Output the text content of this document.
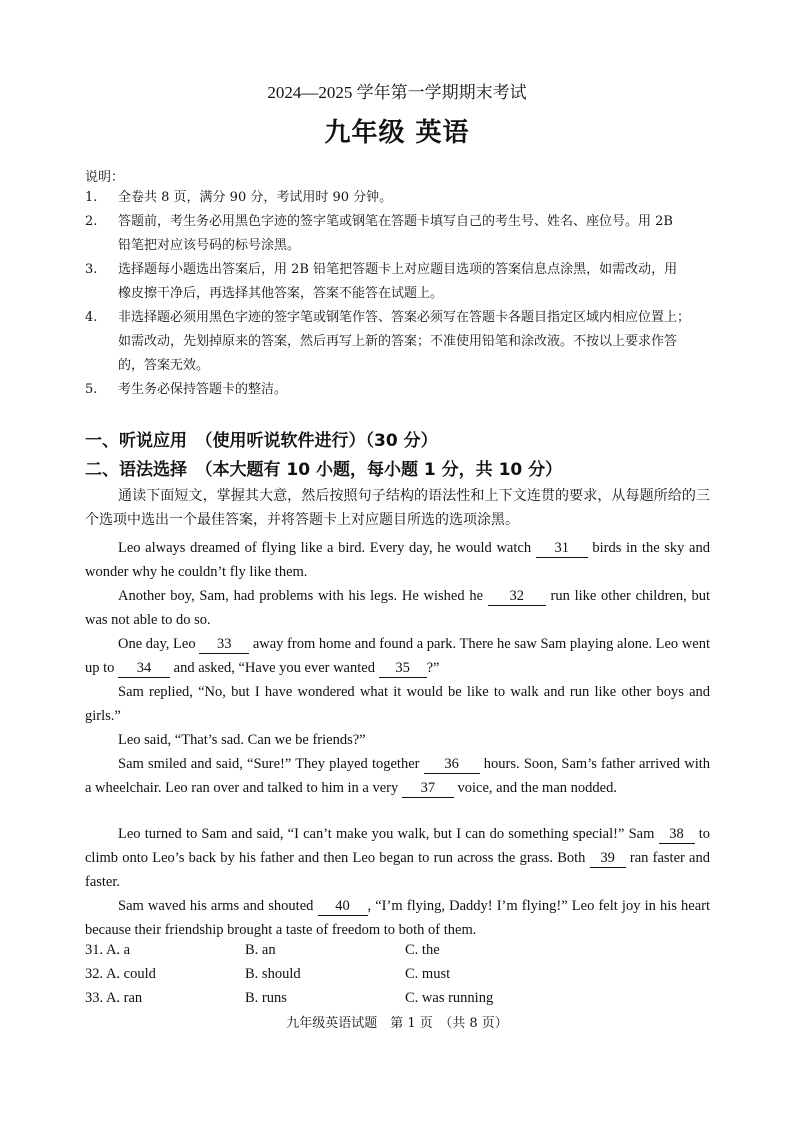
2024—2025 学年第一学期期末考试
九年级 英语
说明：
1.	全卷共 8 页，满分 90 分，考试用时 90 分钟。
2.	答题前，考生务必用黑色字迹的签字笔或钢笔在答题卡填写自己的考生号、姓名、座位号。用 2B
铅笔把对应该号码的标号涂黑。
3.	选择题每小题选出答案后，用 2B 铅笔把答题卡上对应题目选项的答案信息点涂黑，如需改动，用
橡皮擦干净后，再选择其他答案，答案不能答在试题上。
4.	非选择题必须用黑色字迹的签字笔或钢笔作答、答案必须写在答题卡各题目指定区域内相应位置上；
如需改动，先划掉原来的答案，然后再写上新的答案；不准使用铅笔和涂改液。不按以上要求作答
的，答案无效。
5.	考生务必保持答题卡的整洁。
一、听说应用　（使用听说软件进行）（30 分）
二、语法选择　（本大题有 10 小题，每小题 1 分，共 10 分）
通读下面短文，掌握其大意，然后按照句子结构的语法性和上下文连贯的要求，从每题所给的三个选项中选出一个最佳答案，并将答题卡上对应题目所选的选项涂黑。
Leo always dreamed of flying like a bird. Every day, he would watch 31 birds in the sky and wonder why he couldn’t fly like them.
Another boy, Sam, had problems with his legs. He wished he 32 run like other children, but was not able to do so.
One day, Leo 33 away from home and found a park. There he saw Sam playing alone. Leo went up to 34 and asked, “Have you ever wanted 35 ?”
Sam replied, “No, but I have wondered what it would be like to walk and run like other boys and girls.”
Leo said, “That’s sad. Can we be friends?”
Sam smiled and said, “Sure!” They played together 36 hours. Soon, Sam’s father arrived with a wheelchair. Leo ran over and talked to him in a very 37 voice, and the man nodded.
Leo turned to Sam and said, “I can’t make you walk, but I can do something special!” Sam 38 to climb onto Leo’s back by his father and then Leo began to run across the grass. Both 39 ran faster and faster.
Sam waved his arms and shouted 40 , “I’m flying, Daddy! I’m flying!” Leo felt joy in his heart because their friendship brought a taste of freedom to both of them.
31. A. a	B. an	C. the
32. A. could	B. should	C. must
33. A. ran	B. runs	C. was running
九年级英语试题　第 1 页　（共 8 页）
